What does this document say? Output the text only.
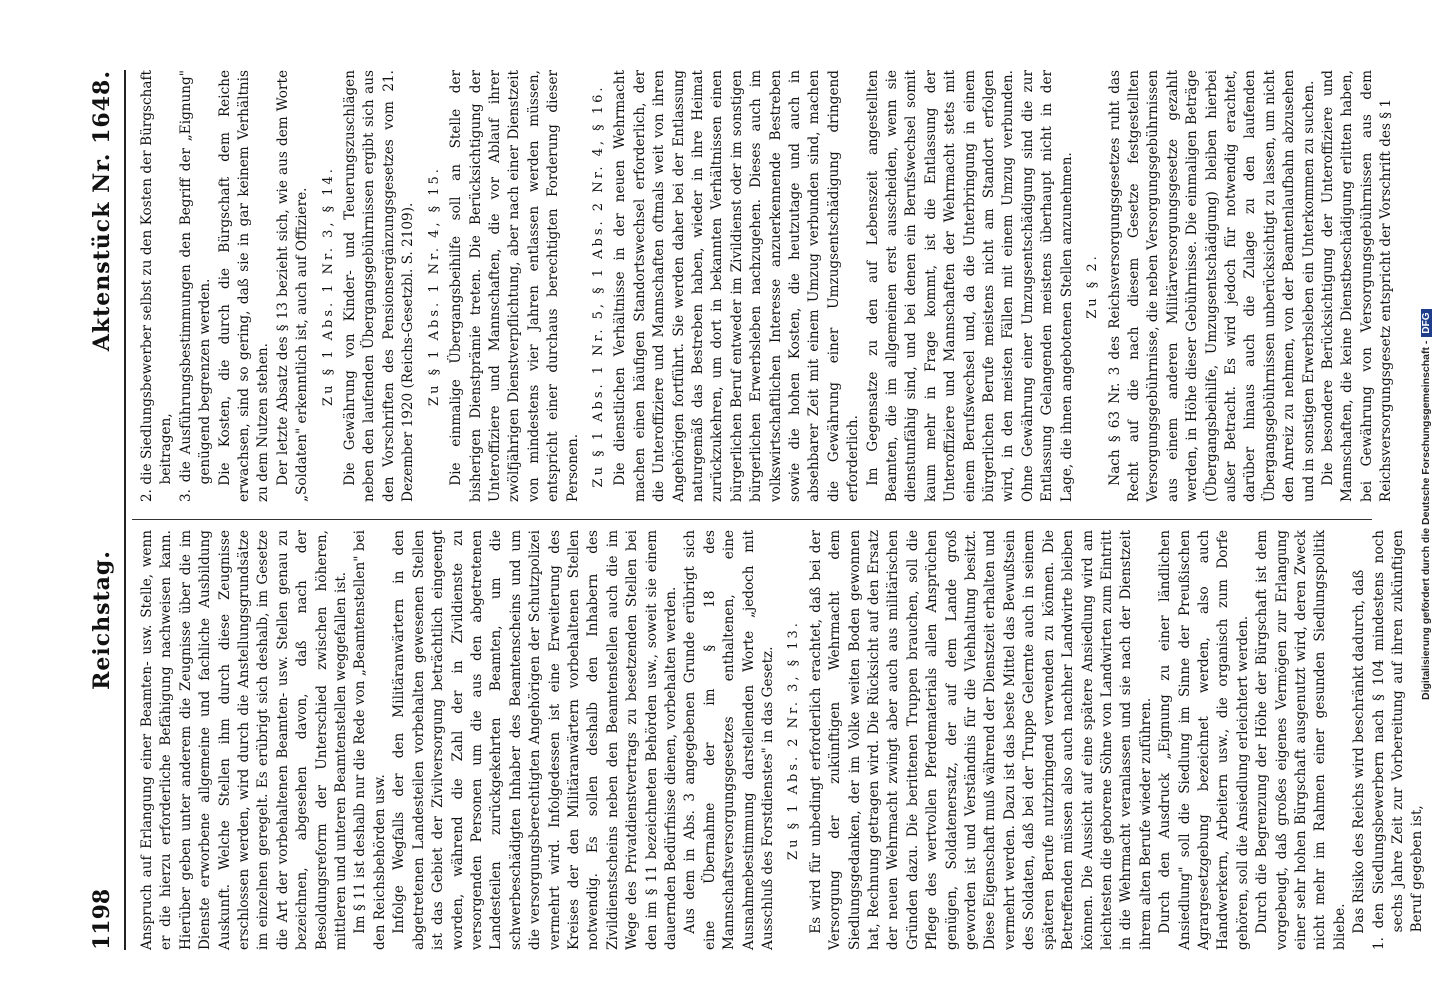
1198
Reichstag.
Aktenstück Nr. 1648.

Anspruch auf Erlangung einer Beamten- usw. Stelle, wenn er die hierzu erforderliche Befähigung nachweisen kann. Hierüber geben unter anderem die Zeugnisse über die im Dienste erworbene allgemeine und fachliche Ausbildung Auskunft. Welche Stellen ihm durch diese Zeugnisse erschlossen werden, wird durch die Anstellungsgrundsätze im einzelnen geregelt. Es erübrigt sich deshalb, im Gesetze die Art der vorbehaltenen Beamten- usw. Stellen genau zu bezeichnen, abgesehen davon, daß nach der Besoldungsreform der Unterschied zwischen höheren, mittleren und unteren Beamtenstellen weggefallen ist. Im § 11 ist deshalb nur die Rede von „Beamtenstellen" bei den Reichsbehörden usw. Infolge Wegfalls der den Militäranwärtern in den abgetretenen Landesteilen vorbehalten gewesenen Stellen ist das Gebiet der Zivilversorgung beträchtlich eingeengt worden, während die Zahl der in Zivildienste zu versorgenden Personen um die aus den abgetretenen Landesteilen zurückgekehrten Beamten, um die schwerbeschädigten Inhaber des Beamtenscheins und um die versorgungsberechtigten Angehörigen der Schutzpolizei vermehrt wird. Infolgedessen ist eine Erweiterung des Kreises der den Militäranwärtern vorbehaltenen Stellen notwendig. Es sollen deshalb den Inhabern des Zivildienstscheins neben den Beamtenstellen auch die im Wege des Privatdienstvertrags zu besetzenden Stellen bei den im § 11 bezeichneten Behörden usw., soweit sie einem dauernden Bedürfnisse dienen, vorbehalten werden. Aus dem in Abs. 3 angegebenen Grunde erübrigt sich eine Übernahme der im § 18 des Mannschaftsversorgungsgesetzes enthaltenen, eine Ausnahmebestimmung darstellenden Worte „jedoch mit Ausschluß des Forstdienstes" in das Gesetz. Zu § 1 Abs. 2 Nr. 3, § 13. Es wird für unbedingt erforderlich erachtet, daß bei der Versorgung der zukünftigen Wehrmacht dem Siedlungsgedanken, der im Volke weiten Boden gewonnen hat, Rechnung getragen wird. Die Rücksicht auf den Ersatz der neuen Wehrmacht zwingt aber auch aus militärischen Gründen dazu. Die berittenen Truppen brauchen, soll die Pflege des wertvollen Pferdematerials allen Ansprüchen genügen, Soldatenersatz, der auf dem Lande groß geworden ist und Verständnis für die Viehhaltung besitzt. Diese Eigenschaft muß während der Dienstzeit erhalten und vermehrt werden. Dazu ist das beste Mittel das Bewußtsein des Soldaten, daß bei der Truppe Gelernte auch in seinem späteren Berufe nutzbringend verwenden zu können. Die Betreffenden müssen also auch nachher Landwirte bleiben können. Die Aussicht auf eine spätere Ansiedlung wird am leichtesten die geborene Söhne von Landwirten zum Eintritt in die Wehrmacht veranlassen und sie nach der Dienstzeit ihrem alten Berufe wieder zuführen. Durch den Ausdruck „Eignung zu einer ländlichen Ansiedlung" soll die Siedlung im Sinne der Preußischen Agrargesetzgebung bezeichnet werden, also auch Handwerkern, Arbeitern usw., die organisch zum Dorfe gehören, soll die Ansiedlung erleichtert werden. Durch die Begrenzung der Höhe der Bürgschaft ist dem vorgebeugt, daß großes eigenes Vermögen zur Erlangung einer sehr hohen Bürgschaft ausgenutzt wird, deren Zweck nicht mehr im Rahmen einer gesunden Siedlungspolitik bliebe. Das Risiko des Reichs wird beschränkt dadurch, daß 1. den Siedlungsbewerbern nach § 104 mindestens noch sechs Jahre Zeit zur Vorbereitung auf ihren zukünftigen Beruf gegeben ist,

2. die Siedlungsbewerber selbst zu den Kosten der Bürgschaft beitragen, 3. die Ausführungsbestimmungen den Begriff der „Eignung" genügend begrenzen werden. Die Kosten, die durch die Bürgschaft dem Reiche erwachsen, sind so gering, daß sie in gar keinem Verhältnis zu dem Nutzen stehen. Der letzte Absatz des § 13 bezieht sich, wie aus dem Worte „Soldaten" erkenntlich ist, auch auf Offiziere. Zu § 1 Abs. 1 Nr. 3, § 14. Die Gewährung von Kinder- und Teuerungszuschlägen neben den laufenden Übergangsgebührnissen ergibt sich aus den Vorschriften des Pensionsergänzungsgesetzes vom 21. Dezember 1920 (Reichs-Gesetzbl. S. 2109). Zu § 1 Abs. 1 Nr. 4, § 15. Die einmalige Übergangsbeihilfe soll an Stelle der bisherigen Dienstprämie treten. Die Berücksichtigung der Unteroffiziere und Mannschaften, die vor Ablauf ihrer zwölfjährigen Dienstverpflichtung, aber nach einer Dienstzeit von mindestens vier Jahren entlassen werden müssen, entspricht einer durchaus berechtigten Forderung dieser Personen. Zu § 1 Abs. 1 Nr. 5, § 1 Abs. 2 Nr. 4, § 16. Die dienstlichen Verhältnisse in der neuen Wehrmacht machen einen häufigen Standortswechsel erforderlich, der die Unteroffiziere und Mannschaften oftmals weit von ihren Angehörigen fortführt. Sie werden daher bei der Entlassung naturgemäß das Bestreben haben, wieder in ihre Heimat zurückzukehren, um dort in bekannten Verhältnissen einen bürgerlichen Beruf entweder im Zivildienst oder im sonstigen bürgerlichen Erwerbsleben nachzugehen. Dieses auch im volkswirtschaftlichen Interesse anzuerkennende Bestreben sowie die hohen Kosten, die heutzutage und auch in absehbarer Zeit mit einem Umzug verbunden sind, machen die Gewährung einer Umzugsentschädigung dringend erforderlich. Im Gegensatze zu den auf Lebenszeit angestellten Beamten, die im allgemeinen erst ausscheiden, wenn sie dienstunfähig sind, und bei denen ein Berufswechsel somit kaum mehr in Frage kommt, ist die Entlassung der Unteroffiziere und Mannschaften der Wehrmacht stets mit einem Berufswechsel und, da die Unterbringung in einem bürgerlichen Berufe meistens nicht am Standort erfolgen wird, in den meisten Fällen mit einem Umzug verbunden. Ohne Gewährung einer Umzugsentschädigung sind die zur Entlassung Gelangenden meistens überhaupt nicht in der Lage, die ihnen angebotenen Stellen anzunehmen. Zu § 2. Nach § 63 Nr. 3 des Reichsversorgungsgesetzes ruht das Recht auf die nach diesem Gesetze festgestellten Versorgungsgebührnisse, die neben Versorgungsgebührnissen aus einem anderen Militärversorgungsgesetze gezahlt werden, in Höhe dieser Gebührnisse. Die einmaligen Beträge (Übergangsbeihilfe, Umzugsentschädigung) bleiben hierbei außer Betracht. Es wird jedoch für notwendig erachtet, darüber hinaus auch die Zulage zu den laufenden Übergangsgebührnissen unberücksichtigt zu lassen, um nicht den Anreiz zu nehmen, von der Beamtenlaufbahn abzusehen und in sonstigen Erwerbsleben ein Unterkommen zu suchen. Die besondere Berücksichtigung der Unteroffiziere und Mannschaften, die keine Dienstbeschädigung erlitten haben, bei Gewährung von Versorgungsgebührnissen aus dem Reichsversorgungsgesetz entspricht der Vorschrift des § 1

Digitalisierung gefördert durch die Deutsche Forschungsgemeinschaft -DFG
